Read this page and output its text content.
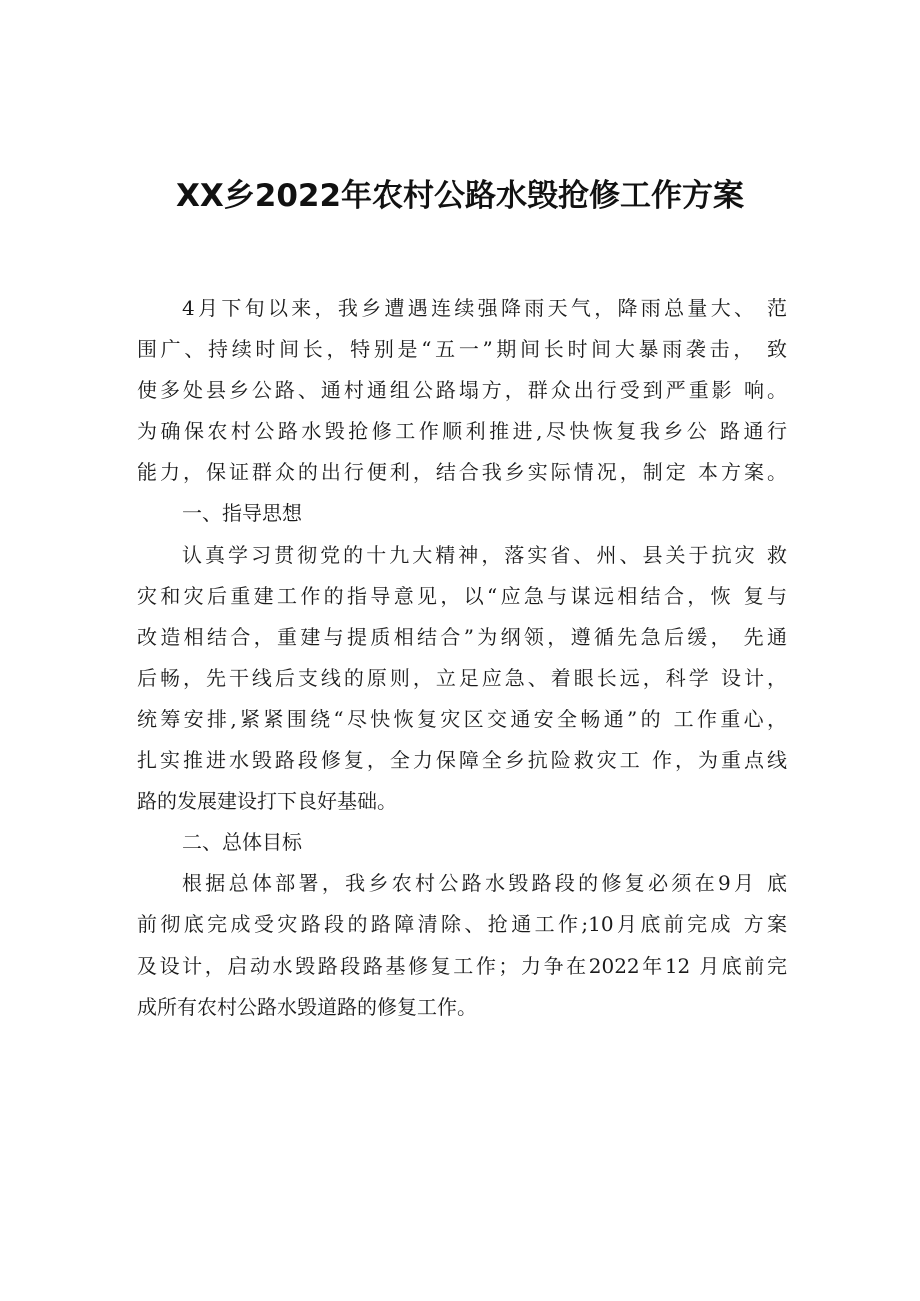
XX乡2022年农村公路水毁抢修工作方案
4月下旬以来，我乡遭遇连续强降雨天气，降雨总量大、 范
围广、持续时间长，特别是“五一”期间长时间大暴雨袭击， 致
使多处县乡公路、通村通组公路塌方，群众出行受到严重影 响。
为确保农村公路水毁抢修工作顺利推进,尽快恢复我乡公 路通行
能力，保证群众的出行便利，结合我乡实际情况，制定 本方案。
一、指导思想
认真学习贯彻党的十九大精神，落实省、州、县关于抗灾 救
灾和灾后重建工作的指导意见，以“应急与谋远相结合，恢 复与
改造相结合，重建与提质相结合”为纲领，遵循先急后缓， 先通
后畅，先干线后支线的原则，立足应急、着眼长远，科学 设计，
统筹安排,紧紧围绕“尽快恢复灾区交通安全畅通”的 工作重心，
扎实推进水毁路段修复，全力保障全乡抗险救灾工 作，为重点线
路的发展建设打下良好基础。
二、总体目标
根据总体部署，我乡农村公路水毁路段的修复必须在9月 底
前彻底完成受灾路段的路障清除、抢通工作;10月底前完成 方案
及设计，启动水毁路段路基修复工作；力争在2022年12 月底前完
成所有农村公路水毁道路的修复工作。
